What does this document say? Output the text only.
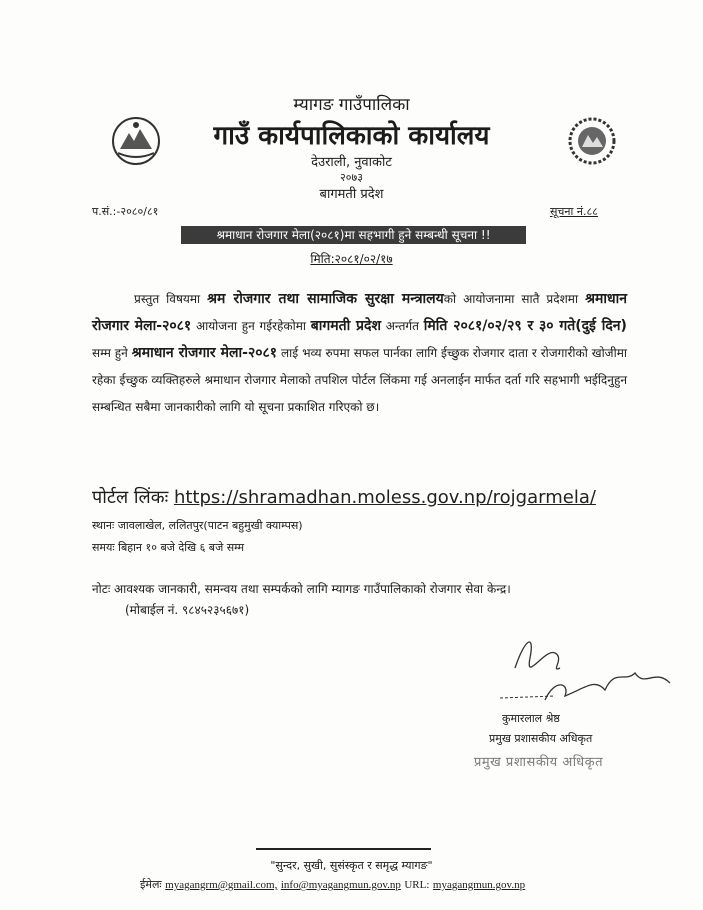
म्यागङ गाउँपालिका
गाउँ कार्यपालिकाको कार्यालय
देउराली, नुवाकोट
२०७३
बागमती प्रदेश
प.सं.:-२०८०/८१	सूचना नं.८८
श्रमाधान रोजगार मेला(२०८१)मा सहभागी हुने सम्बन्धी सूचना !!
मिति:२०८१/०२/१७
प्रस्तुत विषयमा श्रम रोजगार तथा सामाजिक सुरक्षा मन्त्रालयको आयोजनामा सातै प्रदेशमा श्रमाधान रोजगार मेला-२०८१ आयोजना हुन गईरहेकोमा बागमती प्रदेश अन्तर्गत मिति २०८१/०२/२९ र ३० गते(दुई दिन) सम्म हुने श्रमाधान रोजगार मेला-२०८१ लाई भव्य रुपमा सफल पार्नका लागि ईच्छुक रोजगार दाता र रोजगारीको खोजीमा रहेका ईच्छुक व्यक्तिहरुले श्रमाधान रोजगार मेलाको तपशिल पोर्टल लिंकमा गई अनलाईन मार्फत दर्ता गरि सहभागी भईदिनुहुन सम्बन्धित सबैमा जानकारीको लागि यो सूचना प्रकाशित गरिएको छ।
पोर्टल लिंकः https://shramadhan.moless.gov.np/rojgarmela/
स्थानः जावलाखेल, ललितपुर(पाटन बहुमुखी क्याम्पस)
समयः बिहान १० बजे देखि ६ बजे सम्म
नोटः आवश्यक जानकारी, समन्वय तथा सम्पर्कको लागि म्यागङ गाउँपालिकाको रोजगार सेवा केन्द्र।
(मोबाईल नं. ९८४५२३५६७१)
कुमारलाल श्रेष्ठ
प्रमुख प्रशासकीय अधिकृत
प्रमुख प्रशासकीय अधिकृत
"सुन्दर, सुखी, सुसंस्कृत र समृद्ध म्यागङ"
ईमेलः myagangrm@gmail.com, info@myagangmun.gov.np URL: myagangmun.gov.np
